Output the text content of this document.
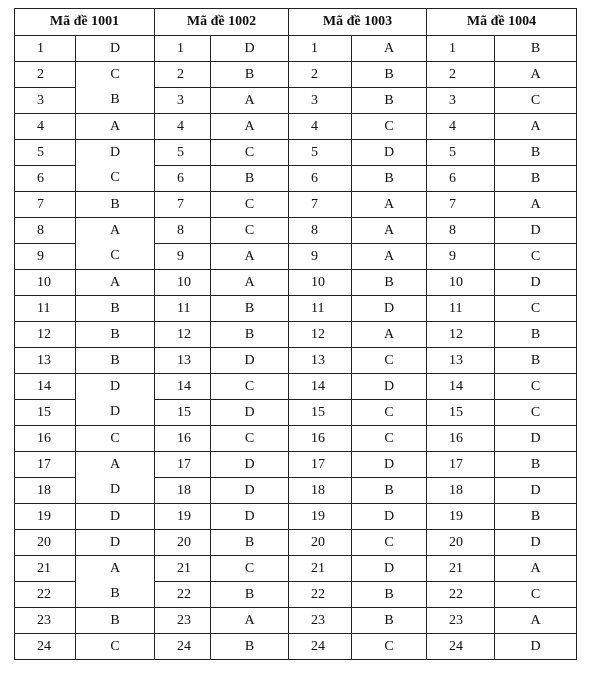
Mã đề 1001		Mã đề 1002		Mã đề 1003		Mã đề 1004	
1	D	1	D	1	A	1	B
2	C	2	B	2	B	2	A
3	B	3	A	3	B	3	C
4	A	4	A	4	C	4	A
5	D	5	C	5	D	5	B
6	C	6	B	6	B	6	B
7	B	7	C	7	A	7	A
8	A	8	C	8	A	8	D
9	C	9	A	9	A	9	C
10	A	10	A	10	B	10	D
11	B	11	B	11	D	11	C
12	B	12	B	12	A	12	B
13	B	13	D	13	C	13	B
14	D	14	C	14	D	14	C
15	D	15	D	15	C	15	C
16	C	16	C	16	C	16	D
17	A	17	D	17	D	17	B
18	D	18	D	18	B	18	D
19	D	19	D	19	D	19	B
20	D	20	B	20	C	20	D
21	A	21	C	21	D	21	A
22	B	22	B	22	B	22	C
23	B	23	A	23	B	23	A
24	C	24	B	24	C	24	D
